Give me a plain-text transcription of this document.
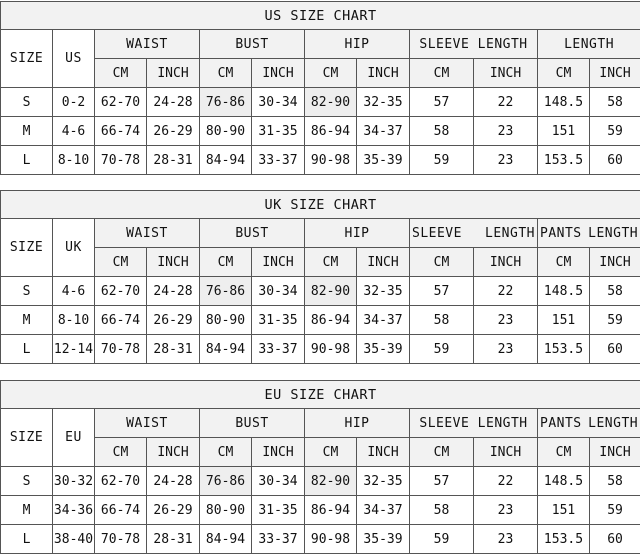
US SIZE CHART											
SIZE	US	WAIST		BUST		HIP		SLEEVE LENGTH		LENGTH	
		CM	INCH	CM	INCH	CM	INCH	CM	INCH	CM	INCH
S	0-2	62-70	24-28	76-86	30-34	82-90	32-35	57	22	148.5	58
M	4-6	66-74	26-29	80-90	31-35	86-94	34-37	58	23	151	59
L	8-10	70-78	28-31	84-94	33-37	90-98	35-39	59	23	153.5	60
UK SIZE CHART											
SIZE	UK	WAIST		BUST		HIP		SLEEVE LENGTH		PANTS LENGTH	

		CM	INCH	CM	INCH	CM	INCH	CM	INCH	CM	INCH
S	4-6	62-70	24-28	76-86	30-34	82-90	32-35	57	22	148.5	58
M	8-10	66-74	26-29	80-90	31-35	86-94	34-37	58	23	151	59
L	12-14	70-78	28-31	84-94	33-37	90-98	35-39	59	23	153.5	60
EU SIZE CHART											
SIZE	EU	WAIST		BUST		HIP		SLEEVE LENGTH		PANTS LENGTH	

		CM	INCH	CM	INCH	CM	INCH	CM	INCH	CM	INCH
S	30-32	62-70	24-28	76-86	30-34	82-90	32-35	57	22	148.5	58
M	34-36	66-74	26-29	80-90	31-35	86-94	34-37	58	23	151	59
L	38-40	70-78	28-31	84-94	33-37	90-98	35-39	59	23	153.5	60
